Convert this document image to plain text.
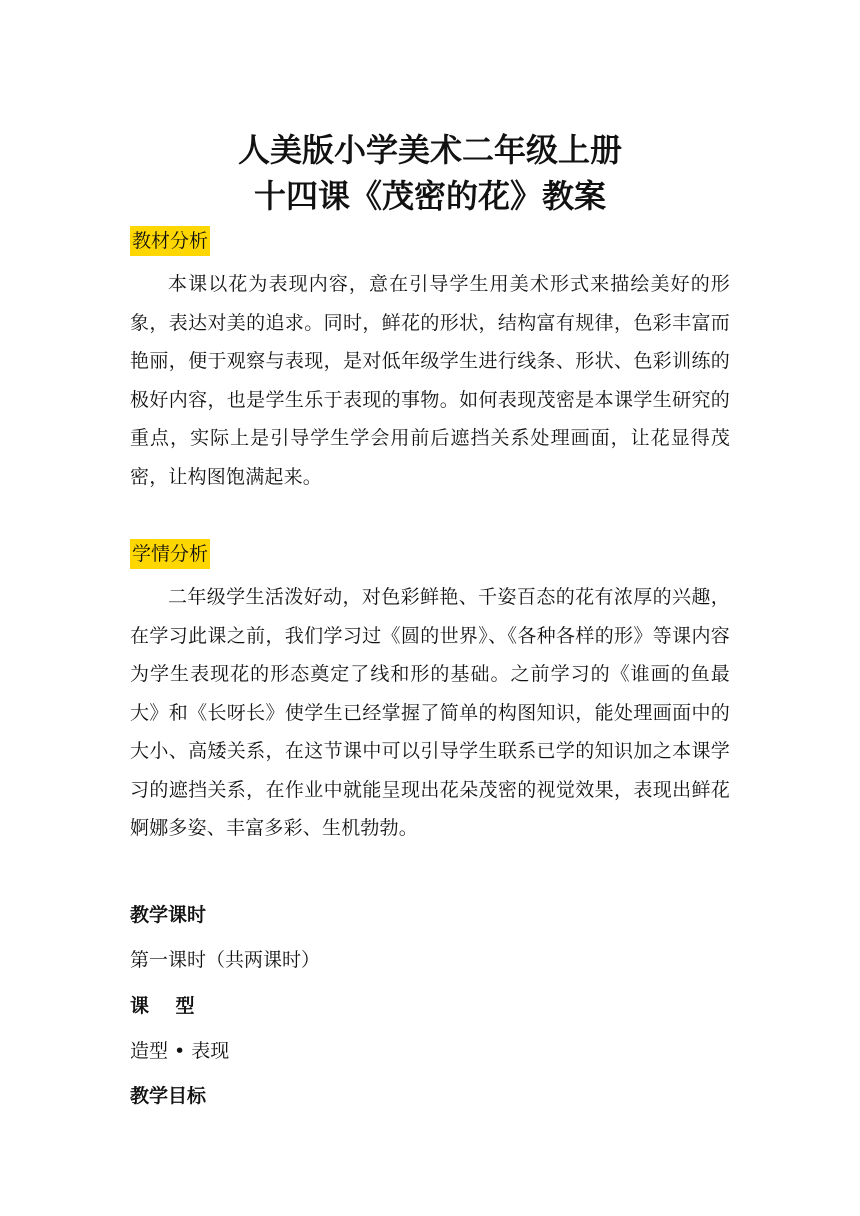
人美版小学美术二年级上册
十四课《茂密的花》教案
教材分析

本课以花为表现内容，意在引导学生用美术形式来描绘美好的形象，表达对美的追求。同时，鲜花的形状，结构富有规律，色彩丰富而艳丽，便于观察与表现，是对低年级学生进行线条、形状、色彩训练的极好内容，也是学生乐于表现的事物。如何表现茂密是本课学生研究的重点，实际上是引导学生学会用前后遮挡关系处理画面，让花显得茂密，让构图饱满起来。

学情分析

二年级学生活泼好动，对色彩鲜艳、千姿百态的花有浓厚的兴趣，在学习此课之前，我们学习过《圆的世界》、《各种各样的形》等课内容为学生表现花的形态奠定了线和形的基础。之前学习的《谁画的鱼最大》和《长呀长》使学生已经掌握了简单的构图知识，能处理画面中的大小、高矮关系，在这节课中可以引导学生联系已学的知识加之本课学习的遮挡关系，在作业中就能呈现出花朵茂密的视觉效果，表现出鲜花婀娜多姿、丰富多彩、生机勃勃。

教学课时

第一课时（共两课时）

课    型

造型 • 表现

教学目标
